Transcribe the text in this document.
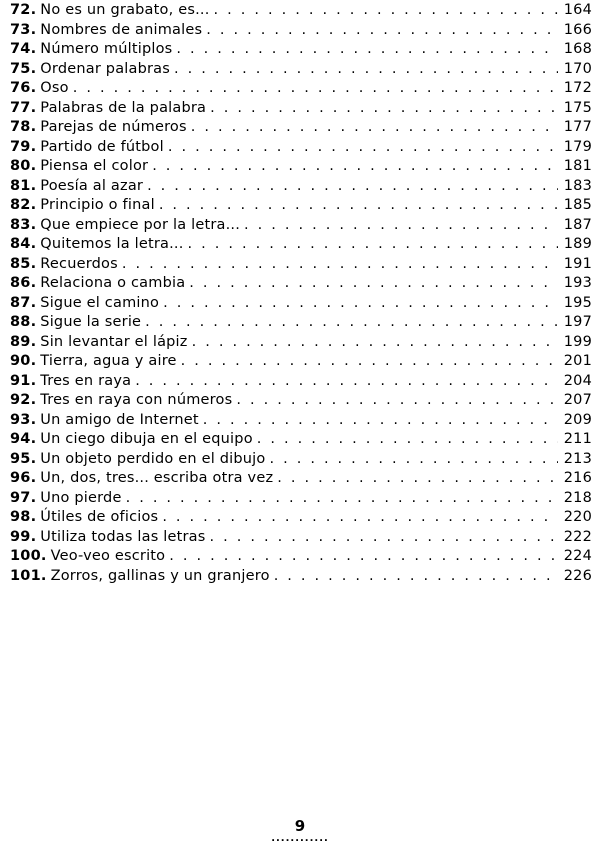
72. No es un grabato, es... . . .	164
73. Nombres de animales . . .	166
74. Número múltiplos . . .	168
75. Ordenar palabras . . .	170
76. Oso . . .	172
77. Palabras de la palabra . . .	175
78. Parejas de números . . .	177
79. Partido de fútbol . . .	179
80. Piensa el color . . .	181
81. Poesía al azar . . .	183
82. Principio o final . . .	185
83. Que empiece por la letra... . . .	187
84. Quitemos la letra... . . .	189
85. Recuerdos . . .	191
86. Relaciona o cambia . . .	193
87. Sigue el camino . . .	195
88. Sigue la serie . . .	197
89. Sin levantar el lápiz . . .	199
90. Tierra, agua y aire . . .	201
91. Tres en raya . . .	204
92. Tres en raya con números . . .	207
93. Un amigo de Internet . . .	209
94. Un ciego dibuja en el equipo . . .	211
95. Un objeto perdido en el dibujo . . .	213
96. Un, dos, tres... escriba otra vez . . .	216
97. Uno pierde . . .	218
98. Útiles de oficios . . .	220
99. Utiliza todas las letras . . .	222
100. Veo-veo escrito . . .	224
101. Zorros, gallinas y un granjero . . .	226
9
............
